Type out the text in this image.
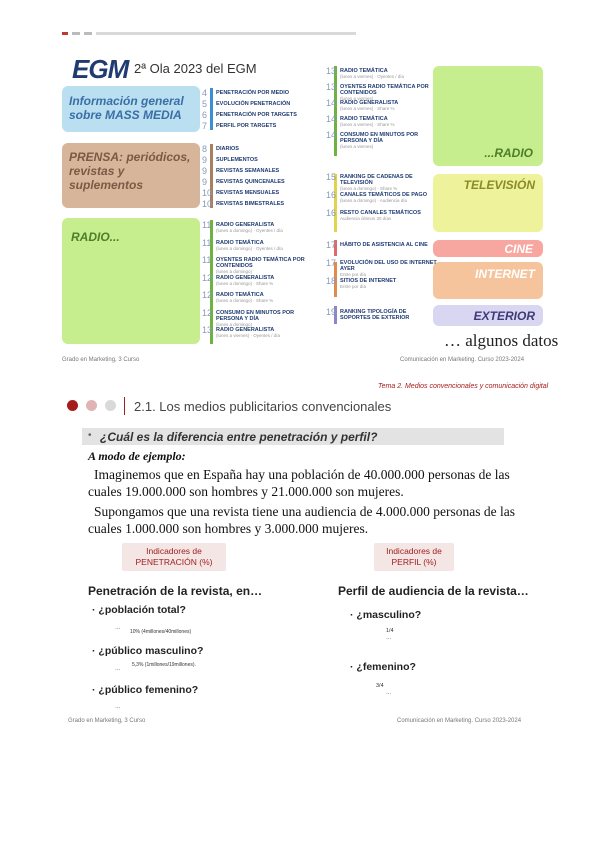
EGM 2ª Ola 2023 del EGM
Información general sobre MASS MEDIA
PRENSA: periódicos, revistas y suplementos
RADIO...
4 PENETRACIÓN POR MEDIO
5 EVOLUCIÓN PENETRACIÓN
6 PENETRACIÓN POR TARGETS
7 PERFIL POR TARGETS
8 DIARIOS
9 SUPLEMENTOS
9 REVISTAS SEMANALES
9 REVISTAS QUINCENALES
10 REVISTAS MENSUALES
10 REVISTAS BIMESTRALES
11 RADIO GENERALISTA
(lunes a domingo) · Oyentes / día
11 RADIO TEMÁTICA
(lunes a domingo) · Oyentes / día
11 OYENTES RADIO TEMÁTICA POR CONTENIDOS
(lunes a domingo)
12 RADIO GENERALISTA
(lunes a domingo) · Share %
12 RADIO TEMÁTICA
(lunes a domingo) · Share %
12 CONSUMO EN MINUTOS POR PERSONA Y DÍA
(lunes a domingo)
13 RADIO GENERALISTA
(lunes a viernes) · Oyentes / día
...RADIO
TELEVISIÓN
CINE
INTERNET
EXTERIOR
13 RADIO TEMÁTICA
(lunes a viernes) · Oyentes / día
13 OYENTES RADIO TEMÁTICA POR CONTENIDOS
(lunes a viernes)
14 RADIO GENERALISTA
(lunes a viernes) · Share %
14 RADIO TEMÁTICA
(lunes a viernes) · Share %
14 CONSUMO EN MINUTOS POR PERSONA Y DÍA
(lunes a viernes)
15 RANKING DE CADENAS DE TELEVISIÓN
(lunes a domingo) · Share %
16 CANALES TEMÁTICOS DE PAGO
(lunes a domingo) · Audiencia día
16 RESTO CANALES TEMÁTICOS
Audiencia últimos 30 días
17 HÁBITO DE ASISTENCIA AL CINE
17 EVOLUCIÓN DEL USO DE INTERNET AYER
Entre por día
18 SITIOS DE INTERNET
Entre por día
19 RANKING TIPOLOGÍA DE SOPORTES DE EXTERIOR
… algunos datos
Grado en Marketing, 3 Curso	Comunicación en Marketing. Curso 2023-2024
Tema 2. Medios convencionales y comunicación digital
2.1. Los medios publicitarios convencionales
• ¿Cuál es la diferencia entre penetración y perfil?
A modo de ejemplo:
Imaginemos que en España hay una población de 40.000.000 personas de las cuales 19.000.000 son hombres y 21.000.000 son mujeres.
Supongamos que una revista tiene una audiencia de 4.000.000 personas de las cuales 1.000.000 son hombres y 3.000.000 mujeres.
Indicadores de PENETRACIÓN (%)
Indicadores de PERFIL (%)
Penetración de la revista, en…	Perfil de audiencia de la revista…
· ¿población total?
…
10% (4millones/40millones)
· ¿público masculino?
5,3% (1millones/19millones).
…
· ¿público femenino?
…
· ¿masculino?
1/4
…
· ¿femenino?
3/4
…
Grado en Marketing, 3 Curso	Comunicación en Marketing. Curso 2023-2024
